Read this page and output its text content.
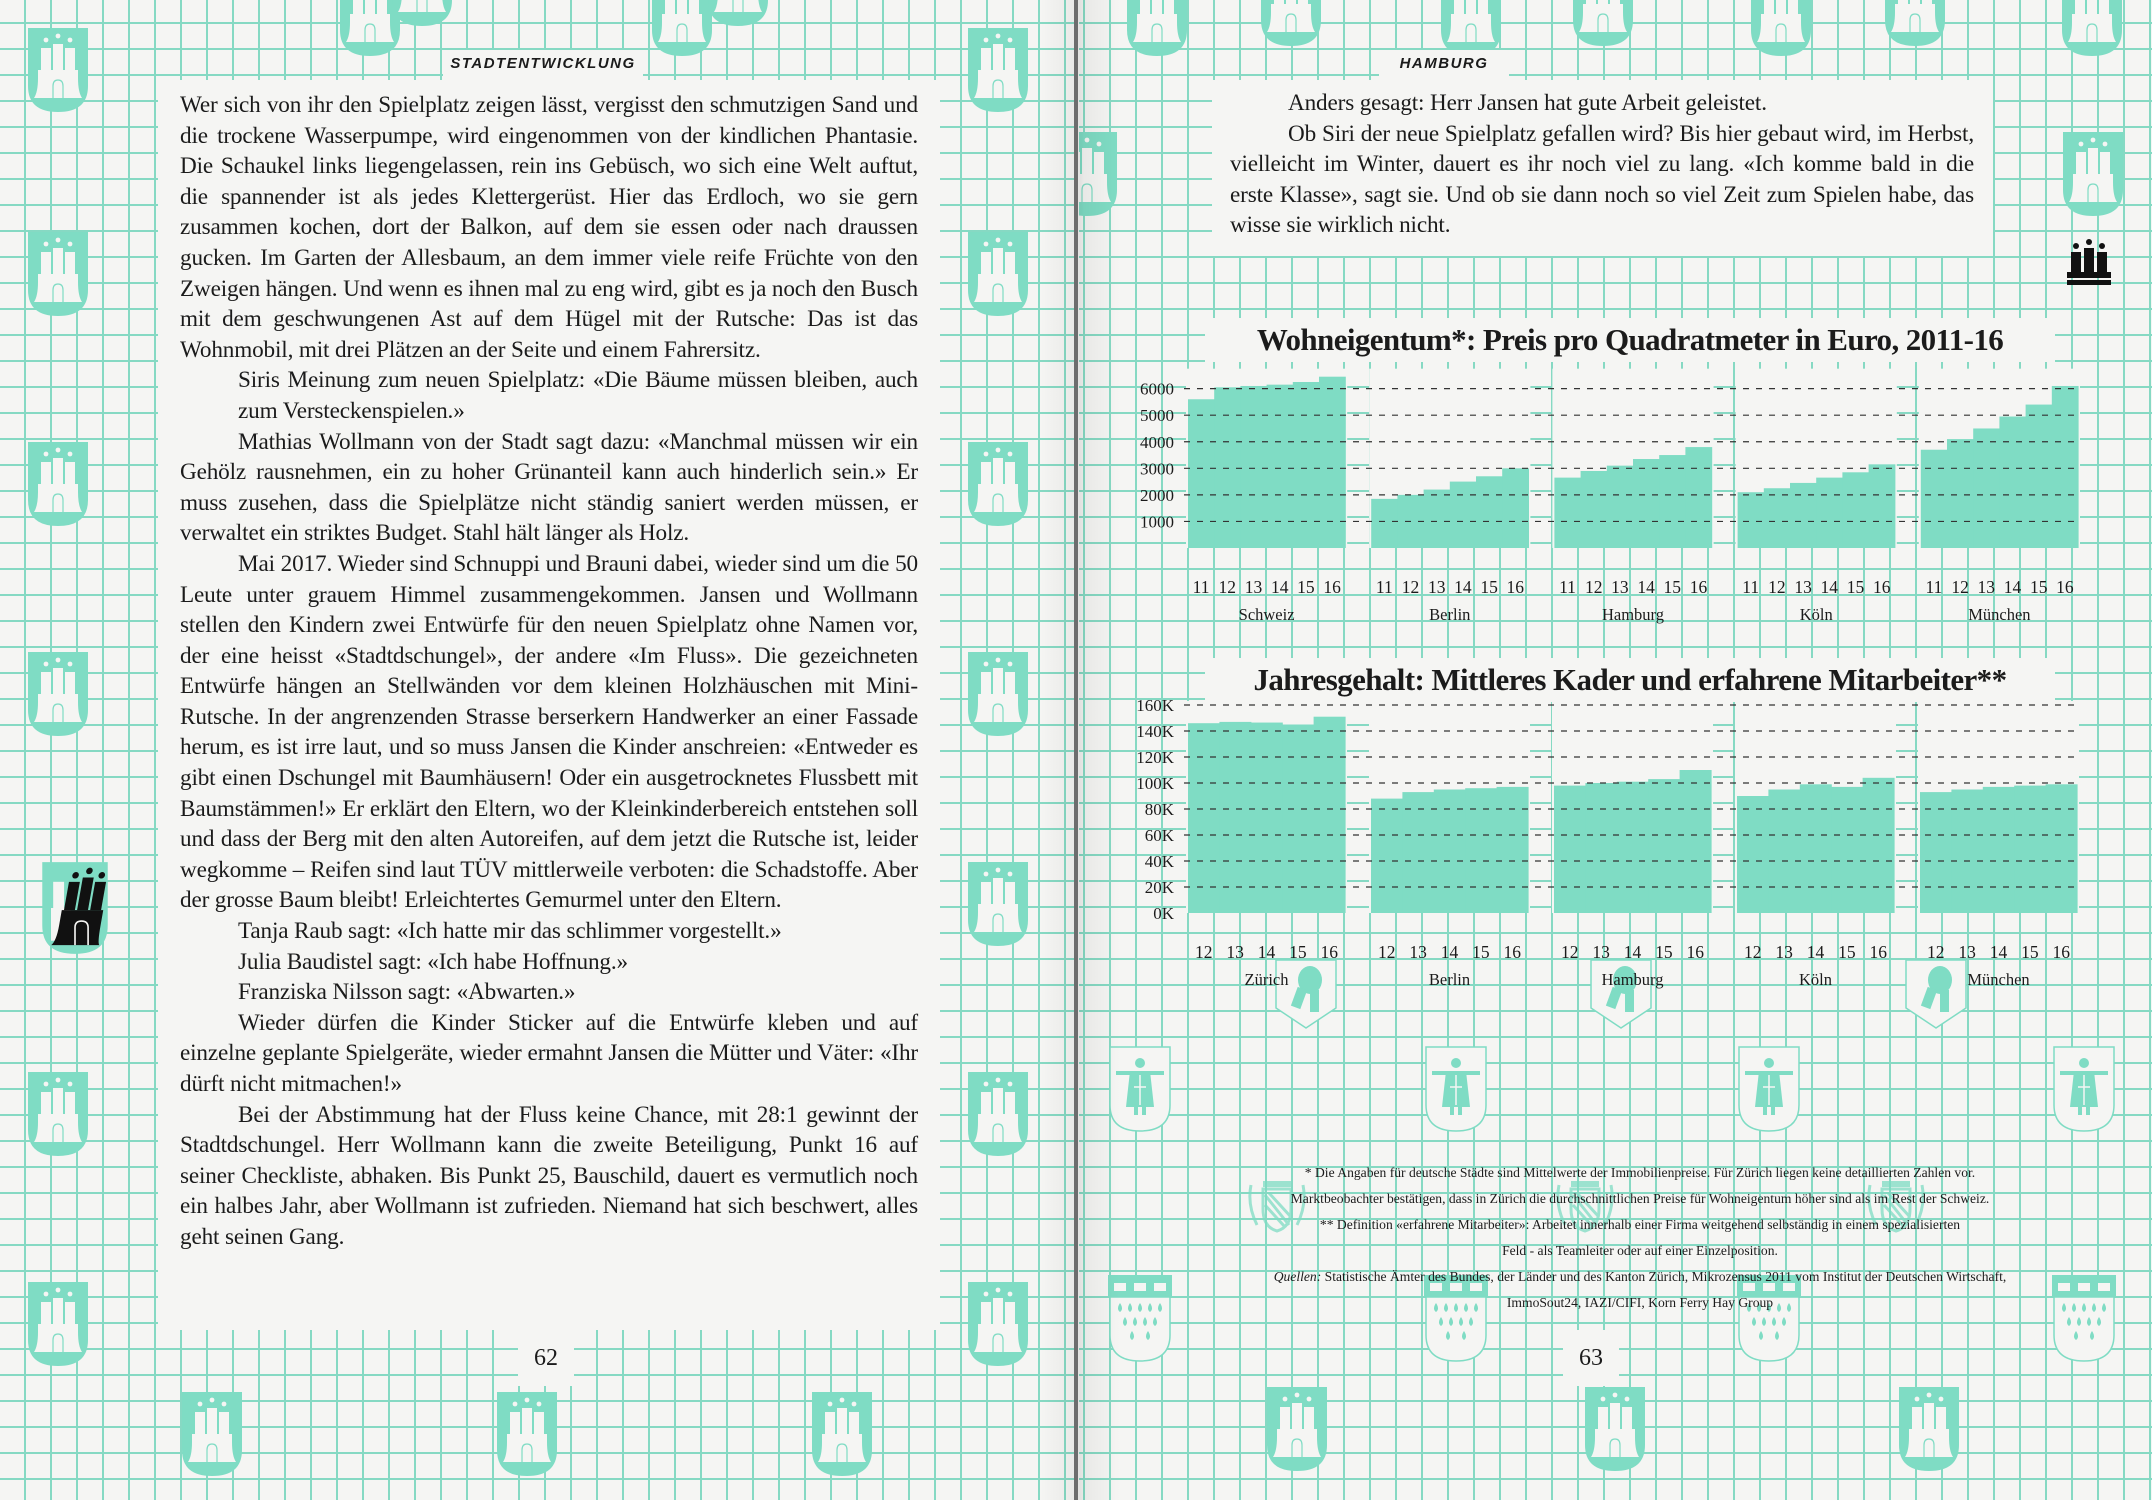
STADTENTWICKLUNG

Wer sich von ihr den Spielplatz zeigen lässt, vergisst den schmutzigen Sand und die trockene Wasserpumpe, wird eingenommen von der kindlichen Phantasie. Die Schaukel links liegengelassen, rein ins Gebüsch, wo sich eine Welt auftut, die spannender ist als jedes Klettergerüst. Hier das Erdloch, wo sie gern zusammen kochen, dort der Balkon, auf dem sie essen oder nach draussen gucken. Im Garten der Allesbaum, an dem immer viele reife Früchte von den Zweigen hängen. Und wenn es ihnen mal zu eng wird, gibt es ja noch den Busch mit dem geschwungenen Ast auf dem Hügel mit der Rutsche: Das ist das Wohnmobil, mit drei Plätzen an der Seite und einem Fahrersitz.

Siris Meinung zum neuen Spielplatz: «Die Bäume müssen bleiben, auch zum Versteckenspielen.»

Mathias Wollmann von der Stadt sagt dazu: «Manchmal müssen wir ein Gehölz rausnehmen, ein zu hoher Grünanteil kann auch hinderlich sein.» Er muss zusehen, dass die Spielplätze nicht ständig saniert werden müssen, er verwaltet ein striktes Budget. Stahl hält länger als Holz.

Mai 2017. Wieder sind Schnuppi und Brauni dabei, wieder sind um die 50 Leute unter grauem Himmel zusammengekommen. Jansen und Wollmann stellen den Kindern zwei Entwürfe für den neuen Spielplatz ohne Namen vor, der eine heisst «Stadtdschungel», der andere «Im Fluss». Die gezeichneten Entwürfe hängen an Stellwänden vor dem kleinen Holzhäuschen mit Mini-Rutsche. In der angrenzenden Strasse berserkern Handwerker an einer Fassade herum, es ist irre laut, und so muss Jansen die Kinder anschreien: «Entweder es gibt einen Dschungel mit Baumhäusern! Oder ein ausgetrocknetes Flussbett mit Baumstämmen!» Er erklärt den Eltern, wo der Kleinkinderbereich entstehen soll und dass der Berg mit den alten Autoreifen, auf dem jetzt die Rutsche ist, leider wegkomme – Reifen sind laut TÜV mittlerweile verboten: die Schadstoffe. Aber der grosse Baum bleibt! Erleichtertes Gemurmel unter den Eltern.

Tanja Raub sagt: «Ich hatte mir das schlimmer vorgestellt.»

Julia Baudistel sagt: «Ich habe Hoffnung.»

Franziska Nilsson sagt: «Abwarten.»

Wieder dürfen die Kinder Sticker auf die Entwürfe kleben und auf einzelne geplante Spielgeräte, wieder ermahnt Jansen die Mütter und Väter: «Ihr dürft nicht mitmachen!»

Bei der Abstimmung hat der Fluss keine Chance, mit 28:1 gewinnt der Stadtdschungel. Herr Wollmann kann die zweite Beteiligung, Punkt 16 auf seiner Checkliste, abhaken. Bis Punkt 25, Bauschild, dauert es vermutlich noch ein halbes Jahr, aber Wollmann ist zufrieden. Niemand hat sich beschwert, alles geht seinen Gang.

62
HAMBURG

Anders gesagt: Herr Jansen hat gute Arbeit geleistet.

Ob Siri der neue Spielplatz gefallen wird? Bis hier gebaut wird, im Herbst, vielleicht im Winter, dauert es ihr noch viel zu lang. «Ich komme bald in die erste Klasse», sagt sie. Und ob sie dann noch so viel Zeit zum Spielen habe, das wisse sie wirklich nicht.

* Die Angaben für deutsche Städte sind Mittelwerte der Immobilienpreise. Für Zürich liegen keine detaillierten Zahlen vor.
Marktbeobachter bestätigen, dass in Zürich die durchschnittlichen Preise für Wohneigentum höher sind als im Rest der Schweiz.
** Definition «erfahrene Mitarbeiter»: Arbeitet innerhalb einer Firma weitgehend selbständig in einem spezialisierten
Feld - als Teamleiter oder auf einer Einzelposition.
Quellen: Statistische Ämter des Bundes, der Länder und des Kanton Zürich, Mikrozensus 2011 vom Institut der Deutschen Wirtschaft,
ImmoSout24, IAZI/CIFI, Korn Ferry Hay Group
63
Wohneigentum*: Preis pro Quadratmeter in Euro, 2011-16
11 12 13 14 15 16
Schweiz
11 12 13 14 15 16
Berlin
11 12 13 14 15 16
Hamburg
11 12 13 14 15 16
Köln
11 12 13 14 15 16
München
1000
2000
3000
4000
5000
6000
Jahresgehalt: Mittleres Kader und erfahrene Mitarbeiter**
12 13 14 15 16
Zürich
12 13 14 15 16
Berlin
12 13 14 15 16
Hamburg
12 13 14 15 16
Köln
12 13 14 15 16
München
0K
20K
40K
60K
80K
100K
120K
140K
160K
